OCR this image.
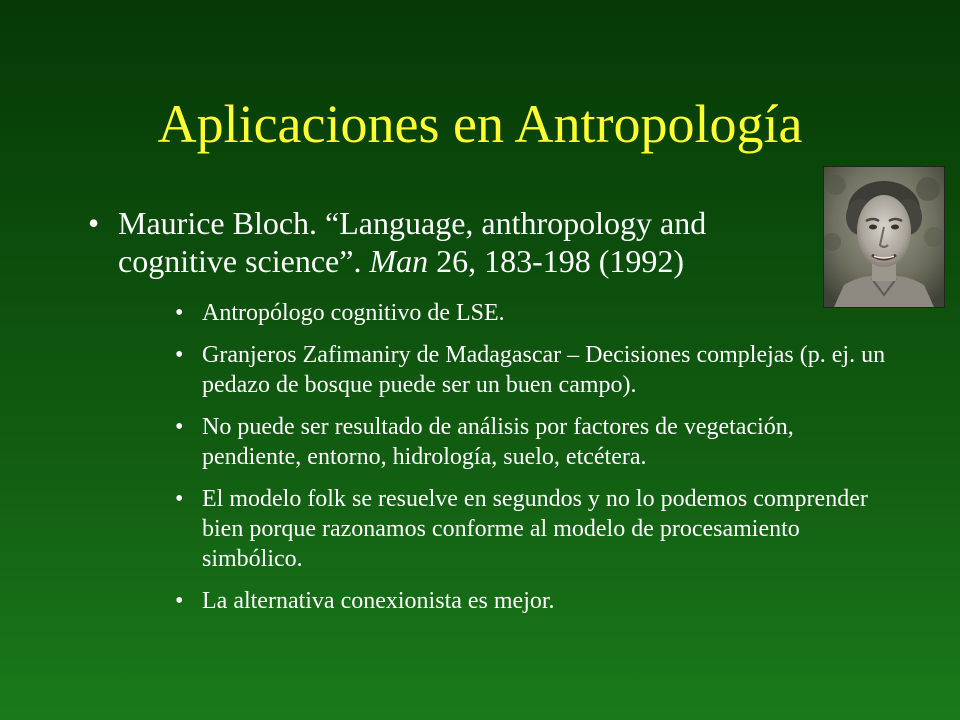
Aplicaciones en Antropología
• Maurice Bloch. “Language, anthropology and
cognitive science”. Man 26, 183-198 (1992)
• Antropólogo cognitivo de LSE.
• Granjeros Zafimaniry de Madagascar – Decisiones complejas (p. ej. un pedazo de bosque puede ser un buen campo).
• No puede ser resultado de análisis por factores de vegetación, pendiente, entorno, hidrología, suelo, etcétera.
• El modelo folk se resuelve en segundos y no lo podemos comprender bien porque razonamos conforme al modelo de procesamiento simbólico.
• La alternativa conexionista es mejor.
